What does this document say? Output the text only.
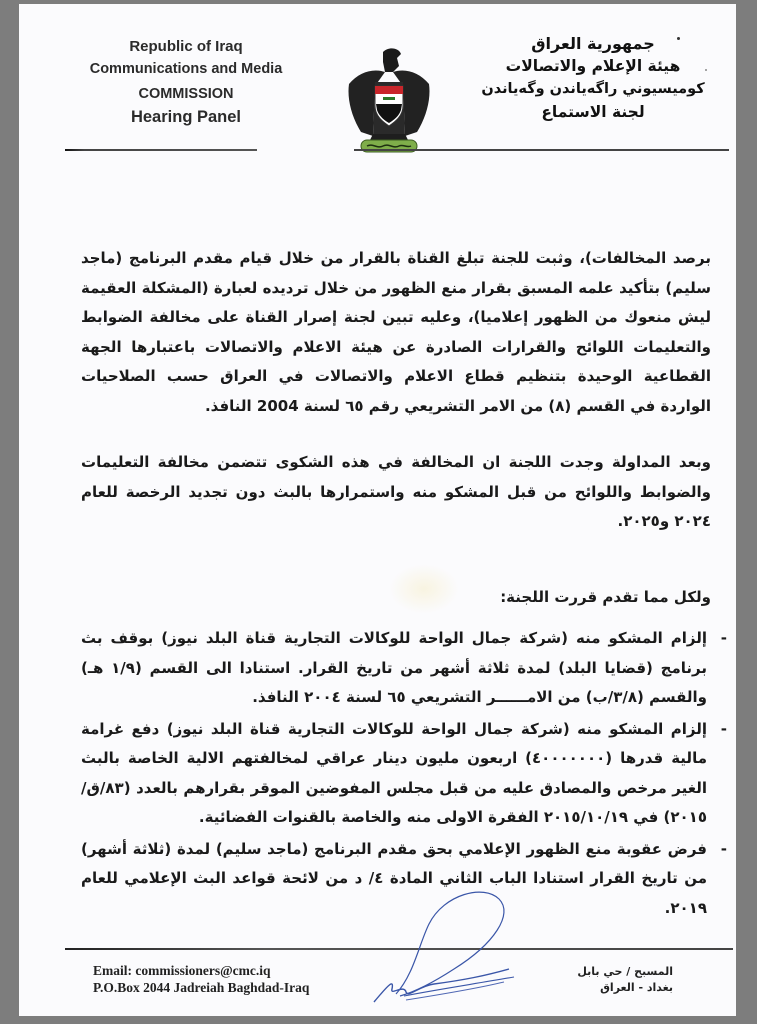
Republic of Iraq
Communications and Media
COMMISSION
Hearing Panel
جمهورية العراق
هيئة الإعلام والاتصالات
كوميسيوني راگەياندن وگەياندن
لجنة الاستماع
برصد المخالفات)، وثبت للجنة تبلغ القناة بالقرار من خلال قيام مقدم البرنامج (ماجد سليم) بتأكيد علمه المسبق بقرار منع الظهور من خلال ترديده لعبارة (المشكلة العقيمة ليش منعوك من الظهور إعلاميا)، وعليه تبين لجنة إصرار القناة على مخالفة الضوابط والتعليمات اللوائح والقرارات الصادرة عن هيئة الاعلام والاتصالات باعتبارها الجهة القطاعية الوحيدة بتنظيم قطاع الاعلام والاتصالات في العراق حسب الصلاحيات الواردة في القسم (٨) من الامر التشريعي رقم ٦٥ لسنة 2004 النافذ.
وبعد المداولة وجدت اللجنة ان المخالفة في هذه الشكوى تتضمن مخالفة التعليمات والضوابط واللوائح من قبل المشكو منه واستمرارها بالبث دون تجديد الرخصة للعام ٢٠٢٤ و٢٠٢٥.
ولكل مما تقدم قررت اللجنة:
-
إلزام المشكو منه (شركة جمال الواحة للوكالات التجارية قناة البلد نيوز) بوقف بث برنامج (قضايا البلد) لمدة ثلاثة أشهر من تاريخ القرار. استنادا الى القسم (١/٩ هـ) والقسم (٣/٨/ب) من الامــــــر التشريعي ٦٥ لسنة ٢٠٠٤ النافذ.
-
إلزام المشكو منه (شركة جمال الواحة للوكالات التجارية قناة البلد نيوز) دفع غرامة مالية قدرها (٤٠٠٠٠٠٠٠) اربعون مليون دينار عراقي لمخالفتهم الالية الخاصة بالبث الغير مرخص والمصادق عليه من قبل مجلس المفوضين الموقر بقرارهم بالعدد (٨٣/ق/٢٠١٥) في ٢٠١٥/١٠/١٩ الفقرة الاولى منه والخاصة بالقنوات الفضائية.
-
فرض عقوبة منع الظهور الإعلامي بحق مقدم البرنامج (ماجد سليم) لمدة (ثلاثة أشهر) من تاريخ القرار استنادا الباب الثاني المادة ٤/ د من لائحة قواعد البث الإعلامي للعام ٢٠١٩.
Email: commissioners@cmc.iq
P.O.Box 2044 Jadreiah Baghdad-Iraq
المسبح / حي بابل
بغداد - العراق
